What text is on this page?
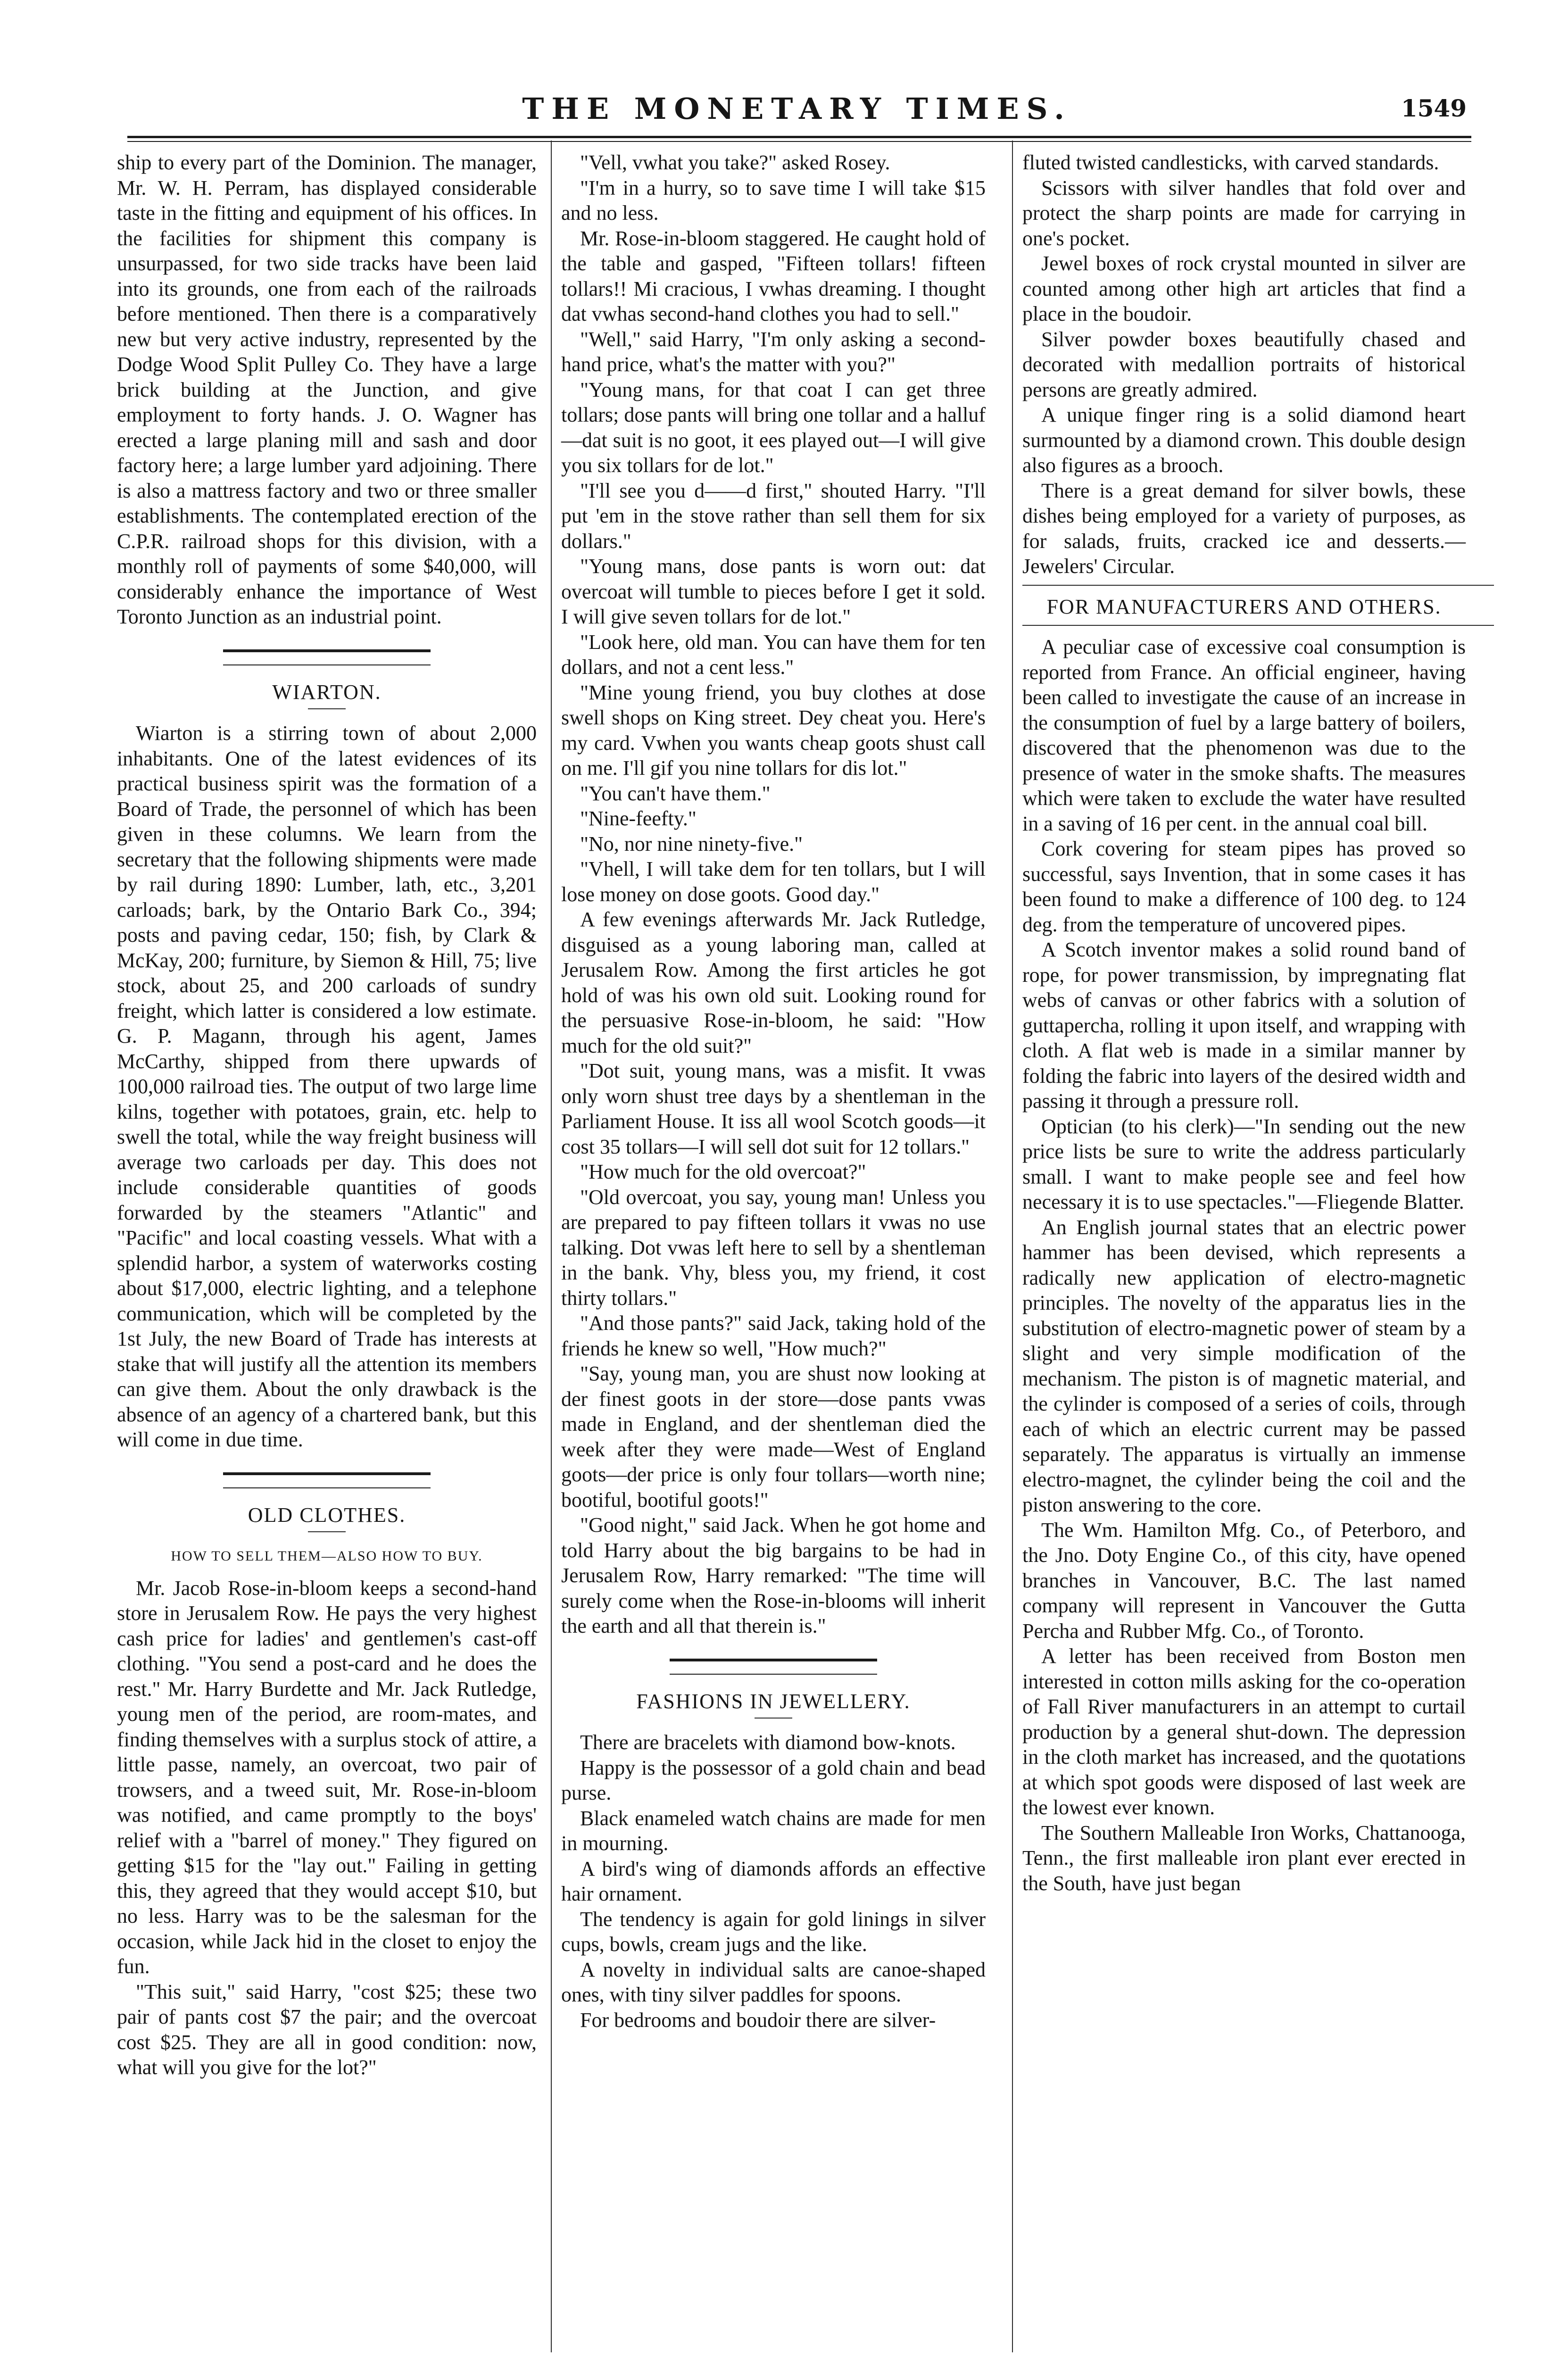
THE MONETARY TIMES.	1549

ship to every part of the Dominion. The manager, Mr. W. H. Perram, has displayed considerable taste in the fitting and equipment of his offices. In the facilities for shipment this company is unsurpassed, for two side tracks have been laid into its grounds, one from each of the railroads before mentioned. Then there is a comparatively new but very active industry, represented by the Dodge Wood Split Pulley Co. They have a large brick building at the Junction, and give employment to forty hands. J. O. Wagner has erected a large planing mill and sash and door factory here; a large lumber yard adjoining. There is also a mattress factory and two or three smaller establishments. The contemplated erection of the C.P.R. railroad shops for this division, with a monthly roll of payments of some $40,000, will considerably enhance the importance of West Toronto Junction as an industrial point.

WIARTON.

Wiarton is a stirring town of about 2,000 inhabitants. One of the latest evidences of its practical business spirit was the formation of a Board of Trade, the personnel of which has been given in these columns. We learn from the secretary that the following shipments were made by rail during 1890: Lumber, lath, etc., 3,201 carloads; bark, by the Ontario Bark Co., 394; posts and paving cedar, 150; fish, by Clark & McKay, 200; furniture, by Siemon & Hill, 75; live stock, about 25, and 200 carloads of sundry freight, which latter is considered a low estimate. G. P. Magann, through his agent, James McCarthy, shipped from there upwards of 100,000 railroad ties. The output of two large lime kilns, together with potatoes, grain, etc. help to swell the total, while the way freight business will average two carloads per day. This does not include considerable quantities of goods forwarded by the steamers "Atlantic" and "Pacific" and local coasting vessels. What with a splendid harbor, a system of waterworks costing about $17,000, electric lighting, and a telephone communication, which will be completed by the 1st July, the new Board of Trade has interests at stake that will justify all the attention its members can give them. About the only drawback is the absence of an agency of a chartered bank, but this will come in due time.

OLD CLOTHES.
HOW TO SELL THEM—ALSO HOW TO BUY.

Mr. Jacob Rose-in-bloom keeps a second-hand store in Jerusalem Row. He pays the very highest cash price for ladies' and gentlemen's cast-off clothing. "You send a post-card and he does the rest." Mr. Harry Burdette and Mr. Jack Rutledge, young men of the period, are room-mates, and finding themselves with a surplus stock of attire, a little passe, namely, an overcoat, two pair of trowsers, and a tweed suit, Mr. Rose-in-bloom was notified, and came promptly to the boys' relief with a "barrel of money." They figured on getting $15 for the "lay out." Failing in getting this, they agreed that they would accept $10, but no less. Harry was to be the salesman for the occasion, while Jack hid in the closet to enjoy the fun.

"This suit," said Harry, "cost $25; these two pair of pants cost $7 the pair; and the overcoat cost $25. They are all in good condition: now, what will you give for the lot?"

"Vell, vwhat you take?" asked Rosey.

"I'm in a hurry, so to save time I will take $15 and no less.

Mr. Rose-in-bloom staggered. He caught hold of the table and gasped, "Fifteen tollars! fifteen tollars!! Mi cracious, I vwhas dreaming. I thought dat vwhas second-hand clothes you had to sell."

"Well," said Harry, "I'm only asking a second-hand price, what's the matter with you?"

"Young mans, for that coat I can get three tollars; dose pants will bring one tollar and a halluf—dat suit is no goot, it ees played out—I will give you six tollars for de lot."

"I'll see you d——d first," shouted Harry. "I'll put 'em in the stove rather than sell them for six dollars."

"Young mans, dose pants is worn out: dat overcoat will tumble to pieces before I get it sold. I will give seven tollars for de lot."

"Look here, old man. You can have them for ten dollars, and not a cent less."

"Mine young friend, you buy clothes at dose swell shops on King street. Dey cheat you. Here's my card. Vwhen you wants cheap goots shust call on me. I'll gif you nine tollars for dis lot."

"You can't have them."

"Nine-feefty."

"No, nor nine ninety-five."

"Vhell, I will take dem for ten tollars, but I will lose money on dose goots. Good day."

A few evenings afterwards Mr. Jack Rutledge, disguised as a young laboring man, called at Jerusalem Row. Among the first articles he got hold of was his own old suit. Looking round for the persuasive Rose-in-bloom, he said: "How much for the old suit?"

"Dot suit, young mans, was a misfit. It vwas only worn shust tree days by a shentleman in the Parliament House. It iss all wool Scotch goods—it cost 35 tollars—I will sell dot suit for 12 tollars."

"How much for the old overcoat?"

"Old overcoat, you say, young man! Unless you are prepared to pay fifteen tollars it vwas no use talking. Dot vwas left here to sell by a shentleman in the bank. Vhy, bless you, my friend, it cost thirty tollars."

"And those pants?" said Jack, taking hold of the friends he knew so well, "How much?"

"Say, young man, you are shust now looking at der finest goots in der store—dose pants vwas made in England, and der shentleman died the week after they were made—West of England goots—der price is only four tollars—worth nine; bootiful, bootiful goots!"

"Good night," said Jack. When he got home and told Harry about the big bargains to be had in Jerusalem Row, Harry remarked: "The time will surely come when the Rose-in-blooms will inherit the earth and all that therein is."

FASHIONS IN JEWELLERY.

There are bracelets with diamond bow-knots.

Happy is the possessor of a gold chain and bead purse.

Black enameled watch chains are made for men in mourning.

A bird's wing of diamonds affords an effective hair ornament.

The tendency is again for gold linings in silver cups, bowls, cream jugs and the like.

A novelty in individual salts are canoe-shaped ones, with tiny silver paddles for spoons.

For bedrooms and boudoir there are silver-

fluted twisted candlesticks, with carved standards.

Scissors with silver handles that fold over and protect the sharp points are made for carrying in one's pocket.

Jewel boxes of rock crystal mounted in silver are counted among other high art articles that find a place in the boudoir.

Silver powder boxes beautifully chased and decorated with medallion portraits of historical persons are greatly admired.

A unique finger ring is a solid diamond heart surmounted by a diamond crown. This double design also figures as a brooch.

There is a great demand for silver bowls, these dishes being employed for a variety of purposes, as for salads, fruits, cracked ice and desserts.—Jewelers' Circular.

FOR MANUFACTURERS AND OTHERS.

A peculiar case of excessive coal consumption is reported from France. An official engineer, having been called to investigate the cause of an increase in the consumption of fuel by a large battery of boilers, discovered that the phenomenon was due to the presence of water in the smoke shafts. The measures which were taken to exclude the water have resulted in a saving of 16 per cent. in the annual coal bill.

Cork covering for steam pipes has proved so successful, says Invention, that in some cases it has been found to make a difference of 100 deg. to 124 deg. from the temperature of uncovered pipes.

A Scotch inventor makes a solid round band of rope, for power transmission, by impregnating flat webs of canvas or other fabrics with a solution of guttapercha, rolling it upon itself, and wrapping with cloth. A flat web is made in a similar manner by folding the fabric into layers of the desired width and passing it through a pressure roll.

Optician (to his clerk)—"In sending out the new price lists be sure to write the address particularly small. I want to make people see and feel how necessary it is to use spectacles."—Fliegende Blatter.

An English journal states that an electric power hammer has been devised, which represents a radically new application of electro-magnetic principles. The novelty of the apparatus lies in the substitution of electro-magnetic power of steam by a slight and very simple modification of the mechanism. The piston is of magnetic material, and the cylinder is composed of a series of coils, through each of which an electric current may be passed separately. The apparatus is virtually an immense electro-magnet, the cylinder being the coil and the piston answering to the core.

The Wm. Hamilton Mfg. Co., of Peterboro, and the Jno. Doty Engine Co., of this city, have opened branches in Vancouver, B.C. The last named company will represent in Vancouver the Gutta Percha and Rubber Mfg. Co., of Toronto.

A letter has been received from Boston men interested in cotton mills asking for the co-operation of Fall River manufacturers in an attempt to curtail production by a general shut-down. The depression in the cloth market has increased, and the quotations at which spot goods were disposed of last week are the lowest ever known.

The Southern Malleable Iron Works, Chattanooga, Tenn., the first malleable iron plant ever erected in the South, have just began
